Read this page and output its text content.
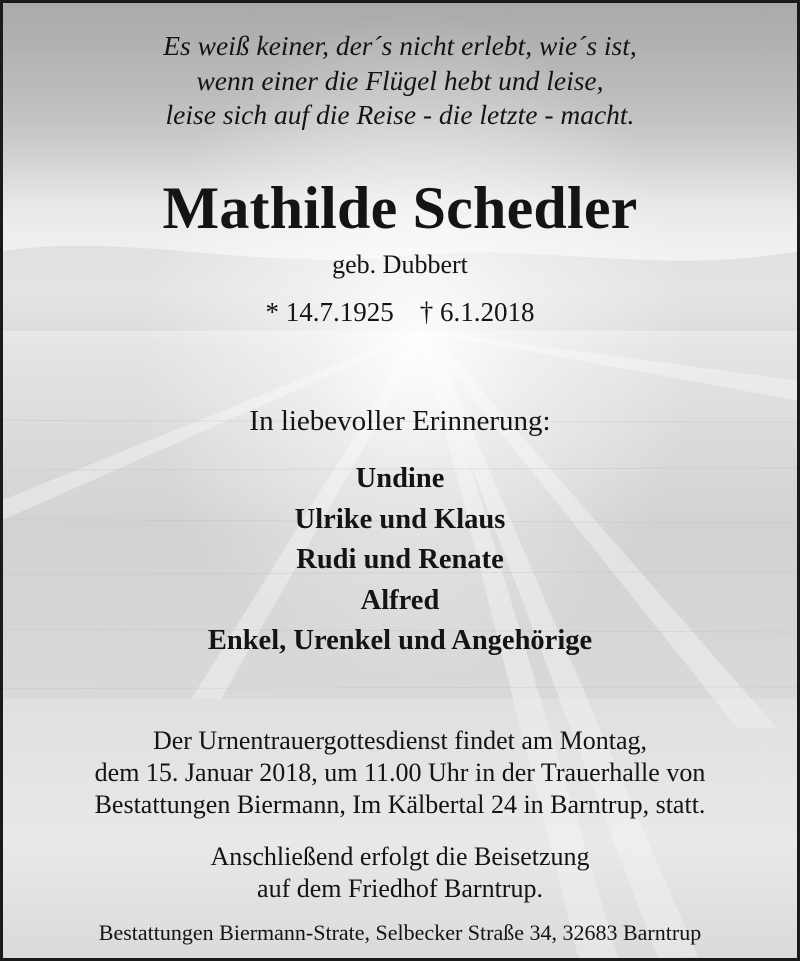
Es weiß keiner, der´s nicht erlebt, wie´s ist,
wenn einer die Flügel hebt und leise,
leise sich auf die Reise - die letzte - macht.
Mathilde Schedler
geb. Dubbert
* 14.7.1925 † 6.1.2018
In liebevoller Erinnerung:
Undine
Ulrike und Klaus
Rudi und Renate
Alfred
Enkel, Urenkel und Angehörige
Der Urnentrauergottesdienst findet am Montag,
dem 15. Januar 2018, um 11.00 Uhr in der Trauerhalle von
Bestattungen Biermann, Im Kälbertal 24 in Barntrup, statt.
Anschließend erfolgt die Beisetzung
auf dem Friedhof Barntrup.
Bestattungen Biermann-Strate, Selbecker Straße 34, 32683 Barntrup
